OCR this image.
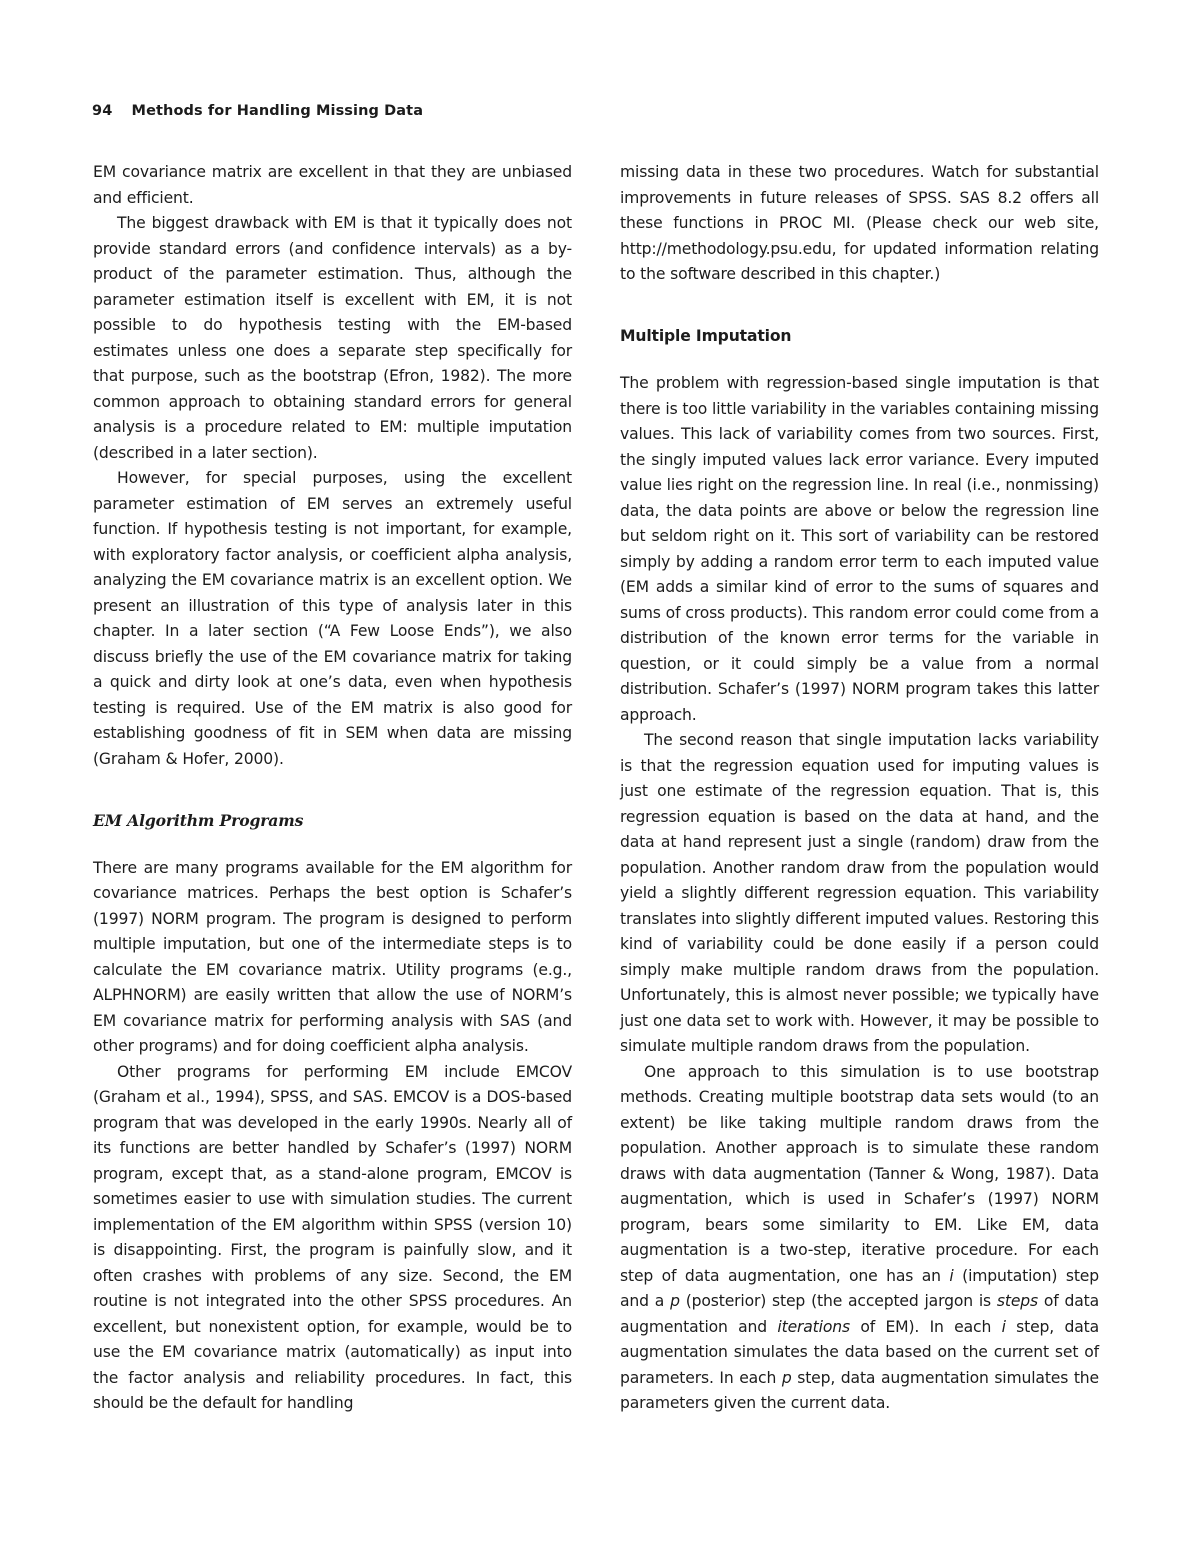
94 Methods for Handling Missing Data

EM covariance matrix are excellent in that they are unbiased and efficient.

The biggest drawback with EM is that it typically does not provide standard errors (and confidence intervals) as a by-product of the parameter estimation. Thus, although the parameter estimation itself is excellent with EM, it is not possible to do hypothesis testing with the EM-based estimates unless one does a separate step specifically for that purpose, such as the bootstrap (Efron, 1982). The more common approach to obtaining standard errors for general analysis is a procedure related to EM: multiple imputation (described in a later section).

However, for special purposes, using the excellent parameter estimation of EM serves an extremely useful function. If hypothesis testing is not important, for example, with exploratory factor analysis, or coefficient alpha analysis, analyzing the EM covariance matrix is an excellent option. We present an illustration of this type of analysis later in this chapter. In a later section (“A Few Loose Ends”), we also discuss briefly the use of the EM covariance matrix for taking a quick and dirty look at one’s data, even when hypothesis testing is required. Use of the EM matrix is also good for establishing goodness of fit in SEM when data are missing (Graham & Hofer, 2000).

EM Algorithm Programs

There are many programs available for the EM algorithm for covariance matrices. Perhaps the best option is Schafer’s (1997) NORM program. The program is designed to perform multiple imputation, but one of the intermediate steps is to calculate the EM covariance matrix. Utility programs (e.g., ALPHNORM) are easily written that allow the use of NORM’s EM covariance matrix for performing analysis with SAS (and other programs) and for doing coefficient alpha analysis.

Other programs for performing EM include EMCOV (Graham et al., 1994), SPSS, and SAS. EMCOV is a DOS-based program that was developed in the early 1990s. Nearly all of its functions are better handled by Schafer’s (1997) NORM program, except that, as a stand-alone program, EMCOV is sometimes easier to use with simulation studies. The current implementation of the EM algorithm within SPSS (version 10) is disappointing. First, the program is painfully slow, and it often crashes with problems of any size. Second, the EM routine is not integrated into the other SPSS procedures. An excellent, but nonexistent option, for example, would be to use the EM covariance matrix (automatically) as input into the factor analysis and reliability procedures. In fact, this should be the default for handling

missing data in these two procedures. Watch for substantial improvements in future releases of SPSS. SAS 8.2 offers all these functions in PROC MI. (Please check our web site, http://methodology.psu.edu, for updated information relating to the software described in this chapter.)

Multiple Imputation

The problem with regression-based single imputation is that there is too little variability in the variables containing missing values. This lack of variability comes from two sources. First, the singly imputed values lack error variance. Every imputed value lies right on the regression line. In real (i.e., nonmissing) data, the data points are above or below the regression line but seldom right on it. This sort of variability can be restored simply by adding a random error term to each imputed value (EM adds a similar kind of error to the sums of squares and sums of cross products). This random error could come from a distribution of the known error terms for the variable in question, or it could simply be a value from a normal distribution. Schafer’s (1997) NORM program takes this latter approach.

The second reason that single imputation lacks variability is that the regression equation used for imputing values is just one estimate of the regression equation. That is, this regression equation is based on the data at hand, and the data at hand represent just a single (random) draw from the population. Another random draw from the population would yield a slightly different regression equation. This variability translates into slightly different imputed values. Restoring this kind of variability could be done easily if a person could simply make multiple random draws from the population. Unfortunately, this is almost never possible; we typically have just one data set to work with. However, it may be possible to simulate multiple random draws from the population.

One approach to this simulation is to use bootstrap methods. Creating multiple bootstrap data sets would (to an extent) be like taking multiple random draws from the population. Another approach is to simulate these random draws with data augmentation (Tanner & Wong, 1987). Data augmentation, which is used in Schafer’s (1997) NORM program, bears some similarity to EM. Like EM, data augmentation is a two-step, iterative procedure. For each step of data augmentation, one has an i (imputation) step and a p (posterior) step (the accepted jargon is steps of data augmentation and iterations of EM). In each i step, data augmentation simulates the data based on the current set of parameters. In each p step, data augmentation simulates the parameters given the current data.
